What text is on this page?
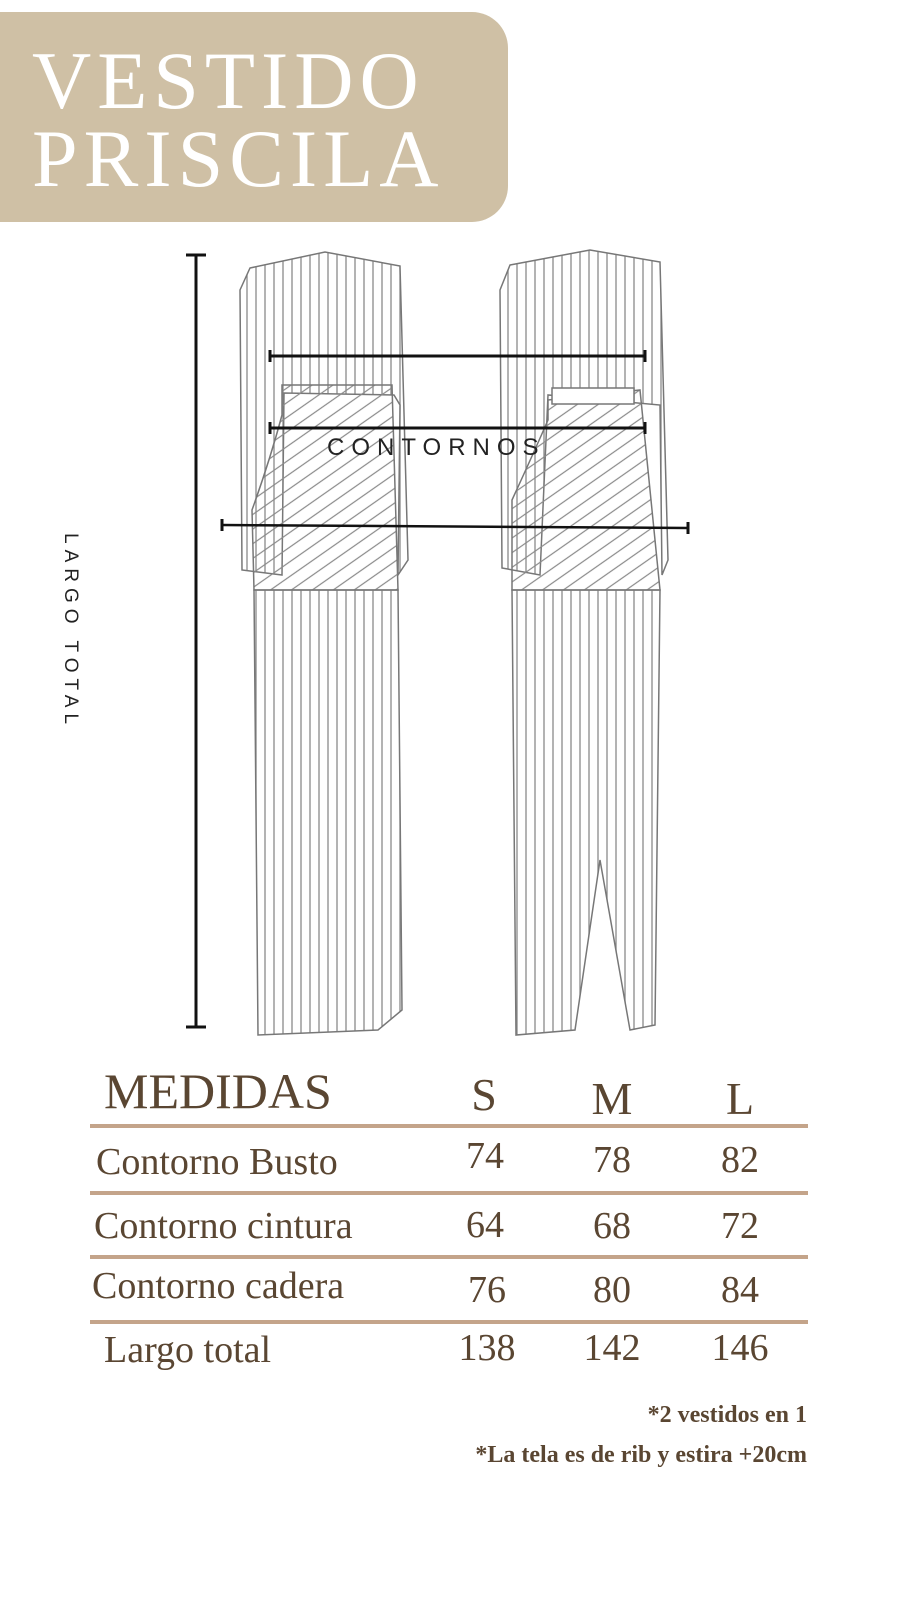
VESTIDO
PRISCILA
LARGO TOTAL
CONTORNOS
MEDIDAS	S	M	L
Contorno Busto	74	78	82
Contorno cintura	64	68	72
Contorno cadera	76	80	84
Largo total	138	142	146
*2 vestidos en 1
*La tela es de rib y estira +20cm
